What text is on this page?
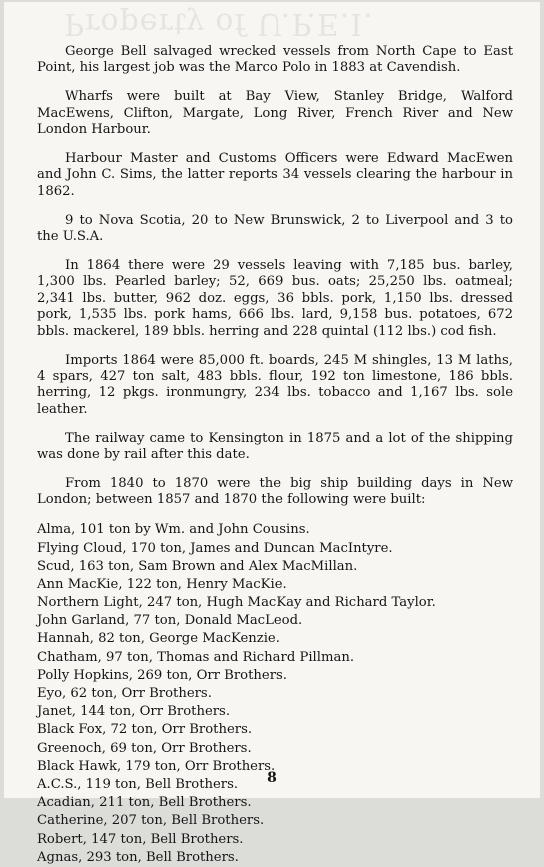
Property of U.P.E.I.

George Bell salvaged wrecked vessels from North Cape to East Point, his largest job was the Marco Polo in 1883 at Cavendish.

Wharfs were built at Bay View, Stanley Bridge, Walford MacEwens, Clifton, Margate, Long River, French River and New London Harbour.

Harbour Master and Customs Officers were Edward MacEwen and John C. Sims, the latter reports 34 vessels clearing the harbour in 1862.

9 to Nova Scotia, 20 to New Brunswick, 2 to Liverpool and 3 to the U.S.A.

In 1864 there were 29 vessels leaving with 7,185 bus. barley, 1,300 lbs. Pearled barley; 52, 669 bus. oats; 25,250 lbs. oatmeal; 2,341 lbs. butter, 962 doz. eggs, 36 bbls. pork, 1,150 lbs. dressed pork, 1,535 lbs. pork hams, 666 lbs. lard, 9,158 bus. potatoes, 672 bbls. mackerel, 189 bbls. herring and 228 quintal (112 lbs.) cod fish.

Imports 1864 were 85,000 ft. boards, 245 M shingles, 13 M laths, 4 spars, 427 ton salt, 483 bbls. flour, 192 ton limestone, 186 bbls. herring, 12 pkgs. ironmungry, 234 lbs. tobacco and 1,167 lbs. sole leather.

The railway came to Kensington in 1875 and a lot of the shipping was done by rail after this date.

From 1840 to 1870 were the big ship building days in New London; between 1857 and 1870 the following were built:

Alma, 101 ton by Wm. and John Cousins.
Flying Cloud, 170 ton, James and Duncan MacIntyre.
Scud, 163 ton, Sam Brown and Alex MacMillan.
Ann MacKie, 122 ton, Henry MacKie.
Northern Light, 247 ton, Hugh MacKay and Richard Taylor.
John Garland, 77 ton, Donald MacLeod.
Hannah, 82 ton, George MacKenzie.
Chatham, 97 ton, Thomas and Richard Pillman.
Polly Hopkins, 269 ton, Orr Brothers.
Eyo, 62 ton, Orr Brothers.
Janet, 144 ton, Orr Brothers.
Black Fox, 72 ton, Orr Brothers.
Greenoch, 69 ton, Orr Brothers.
Black Hawk, 179 ton, Orr Brothers.
A.C.S., 119 ton, Bell Brothers.
Acadian, 211 ton, Bell Brothers.
Catherine, 207 ton, Bell Brothers.
Robert, 147 ton, Bell Brothers.
Agnas, 293 ton, Bell Brothers.
8
